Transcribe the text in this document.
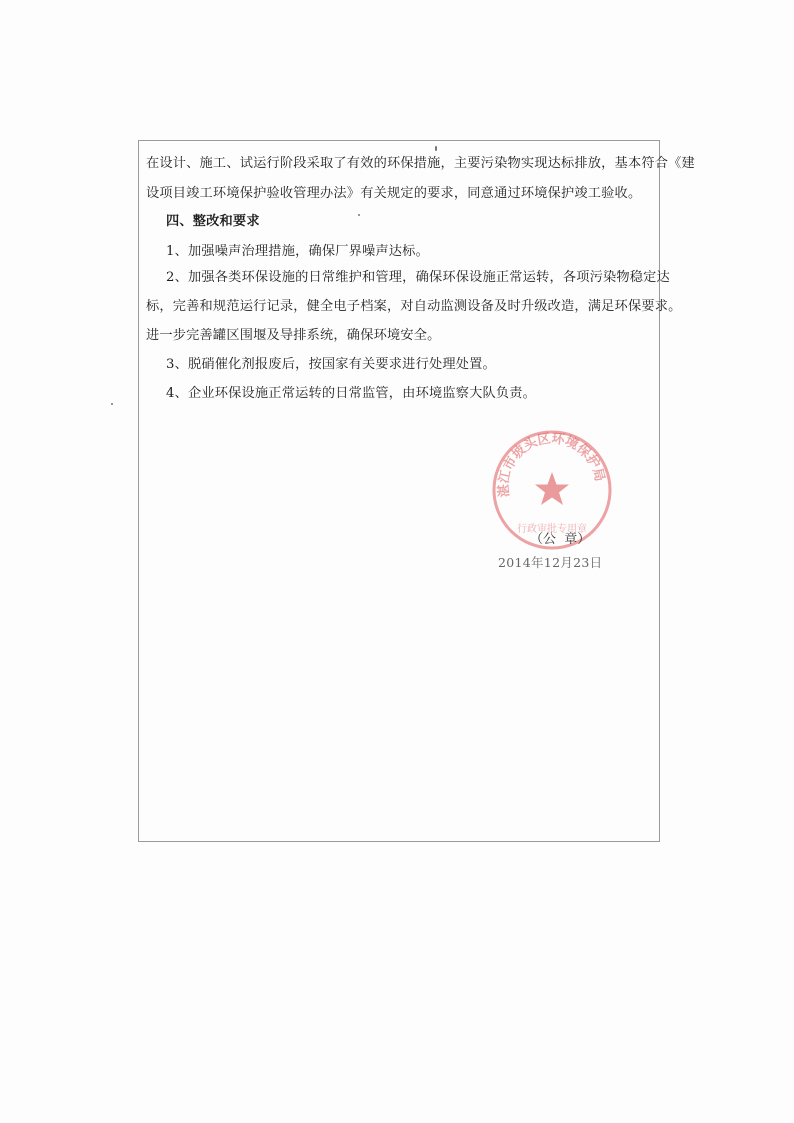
在设计、施工、试运行阶段采取了有效的环保措施，主要污染物实现达标排放，基本符合《建
设项目竣工环境保护验收管理办法》有关规定的要求，同意通过环境保护竣工验收。
四、整改和要求
1、加强噪声治理措施，确保厂界噪声达标。
2、加强各类环保设施的日常维护和管理，确保环保设施正常运转，各项污染物稳定达
标，完善和规范运行记录，健全电子档案，对自动监测设备及时升级改造，满足环保要求。
进一步完善罐区围堰及导排系统，确保环境安全。
3、脱硝催化剂报废后，按国家有关要求进行处理处置。
4、企业环保设施正常运转的日常监管，由环境监察大队负责。
湛江市坡头区环境保护局
行政审批专用章
（公  章）
2014年12月23日
